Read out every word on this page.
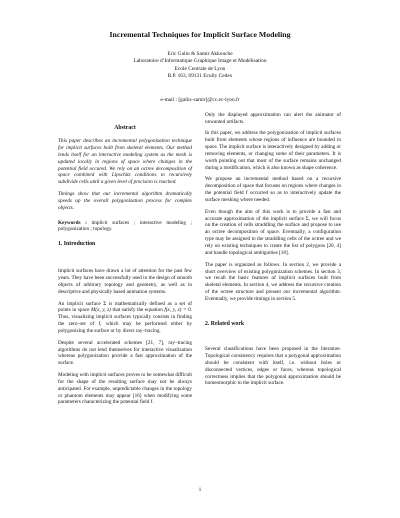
Incremental Techniques for Implicit Surface Modeling
Eric Galin & Samir Akkouche
Laboratoire d’Informatique Graphique Image et Modélisation
Ecole Centrale de Lyon
B.P. 163, 69131 Ecully Cedex
e-mail : [galin–samir]@cc.ec-lyon.fr
Abstract

This paper describes an incremental polygonization technique for implicit surfaces built from skeletal elements. Our method lends itself for an interactive modeling system as the mesh is updated locally in regions of space where changes in the potential field occured. We rely on an octree decomposition of space combined with Lipschitz conditions to recursively subdivide cells until a given level of precision is reached.

Timings show that our incremental algorithm dramatically speeds up the overall polygonization process for complex objects.

Keywords : implicit surfaces ; interactive modeling ; polygonization ; topology.

1. Introduction

Implicit surfaces have drawn a lot of attention for the past few years. They have been successfully used in the design of smooth objects of arbitrary topology and geometry, as well as in descriptive and physically based animation systems.

An implicit surface Σ is mathematically defined as a set of points in space M(x, y, z) that satisfy the equation f(x, y, z) = 0. Thus, visualizing implicit surfaces typically consists in finding the zero–set of f, which may be performed either by polygonizing the surface or by direct ray–tracing.

Despite several accelerated schemes [21, 7], ray–tracing algorithms do not lend themselves for interactive visualization whereas polygonization provide a fast approximation of the surface.

Modeling with implicit surfaces proves to be somewhat difficult for the shape of the resulting surface may not be always anticipated. For example, unpredictable changes in the topology or phantom elements may appear [16] when modifying some parameters characterizing the potential field f.

Only the displayed approximation can alert the animator of unwanted artifacts.

In this paper, we address the polygonization of implicit surfaces built from elements whose regions of influence are bounded in space. The implicit surface is interactively designed by adding or removing elements, or changing some of their parameters. It is worth pointing out that most of the surface remains unchanged during a modification, which is also known as shape coherence.

We propose an incremental method based on a recursive decomposition of space that focuses on regions where changes in the potential field f occurred so as to interactively update the surface meshing where needed.

Even though the aim of this work is to provide a fast and accurate approximation of the implicit surface Σ, we will focus on the creation of cells straddling the surface and propose to use an octree decomposition of space. Eventually, a configuration type may be assigned to the straddling cells of the octree and we rely on existing techniques to create the list of polygons [20, 4] and handle topological ambiguities [18].

The paper is organized as follows. In section 2, we provide a short overview of existing polygonization schemes. In section 3, we recall the basic features of implicit surfaces built from skeletal elements. In section 4, we address the recursive creation of the octree structure and present our incremental algorithm. Eventually, we provide timings in section 5.

2. Related work

Several classifications have been proposed in the literature. Topological consistency requires that a polygonal approximation should be consistent with itself, i.e. without holes or disconnected vertices, edges or faces, whereas topological correctness implies that the polygonal approximation should be homeomorphic to the implicit surface.

1
